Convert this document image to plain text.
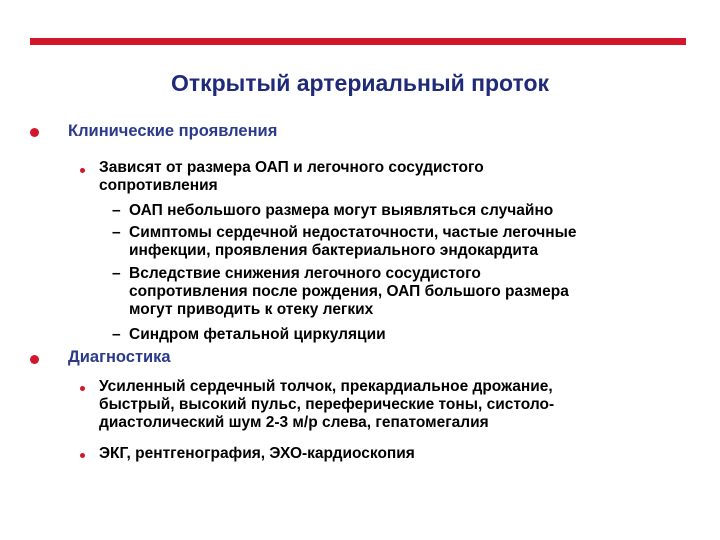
Открытый артериальный проток
Клинические проявления
Зависят от размера ОАП и легочного сосудистого
сопротивления
– ОАП небольшого размера могут выявляться случайно
– Симптомы сердечной недостаточности, частые легочные
инфекции, проявления бактериального эндокардита
– Вследствие снижения легочного сосудистого
сопротивления после рождения, ОАП большого размера
могут приводить к отеку легких
– Синдром фетальной циркуляции
Диагностика
Усиленный сердечный толчок, прекардиальное дрожание,
быстрый, высокий пульс, переферические тоны, систоло-
диастолический шум 2-3 м/р слева, гепатомегалия
ЭКГ, рентгенография, ЭХО-кардиоскопия
